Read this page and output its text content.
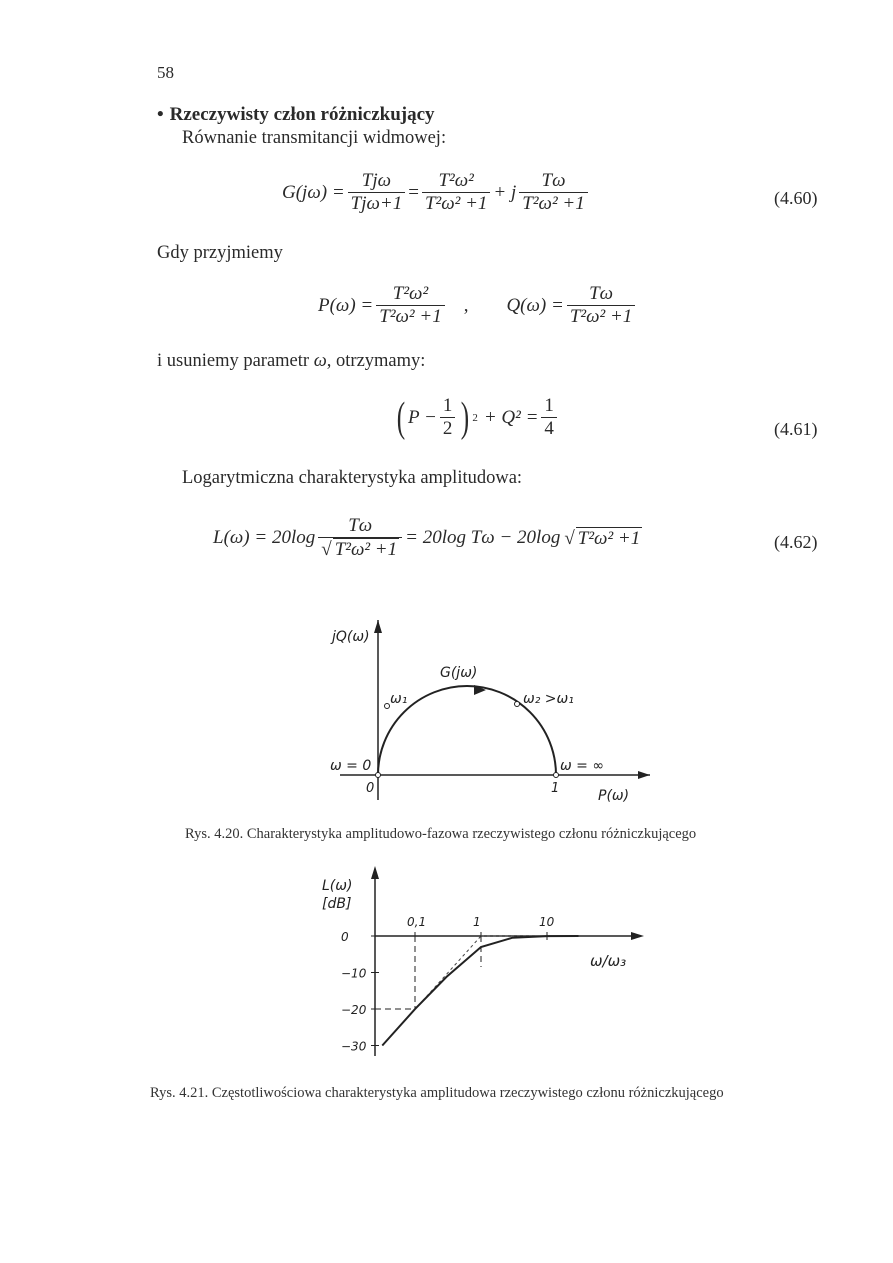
58
• Rzeczywisty człon różniczkujący
Równanie transmitancji widmowej:
$G(j\omega) = \frac{\text{Tjω}}{\text{Tjω+1}} = \frac{\text{T²ω²}}{\text{T²ω² +1}} + j \frac{T\omega}{\text{T²ω² +1}}$	(4.60)
Gdy przyjmiemy
$P(\omega) = \frac{\text{T²ω²}}{\text{T²ω² +1}}$ , $Q(\omega) = \frac{T\omega}{\text{T²ω² +1}}$
i usuniemy parametr ω, otrzymamy:
( $P - \frac{1}{2}$ ) $2 + Q^2 = \frac{1}{4}$	(4.61)
Logarytmiczna charakterystyka amplitudowa:
$L(\omega) = 20\log \frac{T\omega}{\text{√ T²ω² +1}} = 20\log$ Tω − 20log √ T²ω² +1	(4.62)
jQ(ω)
G(jω)
ω₁	ω₂ >ω₁
ω = 0	ω = ∞
0	1	P(ω)
Rys. 4.20. Charakterystyka amplitudowo-fazowa rzeczywistego członu różniczkującego
0,1	1	10
0
−10
−20
−30
L(ω)
[dB]
ω/ω₃
Rys. 4.21. Częstotliwościowa charakterystyka amplitudowa rzeczywistego członu różniczkującego
